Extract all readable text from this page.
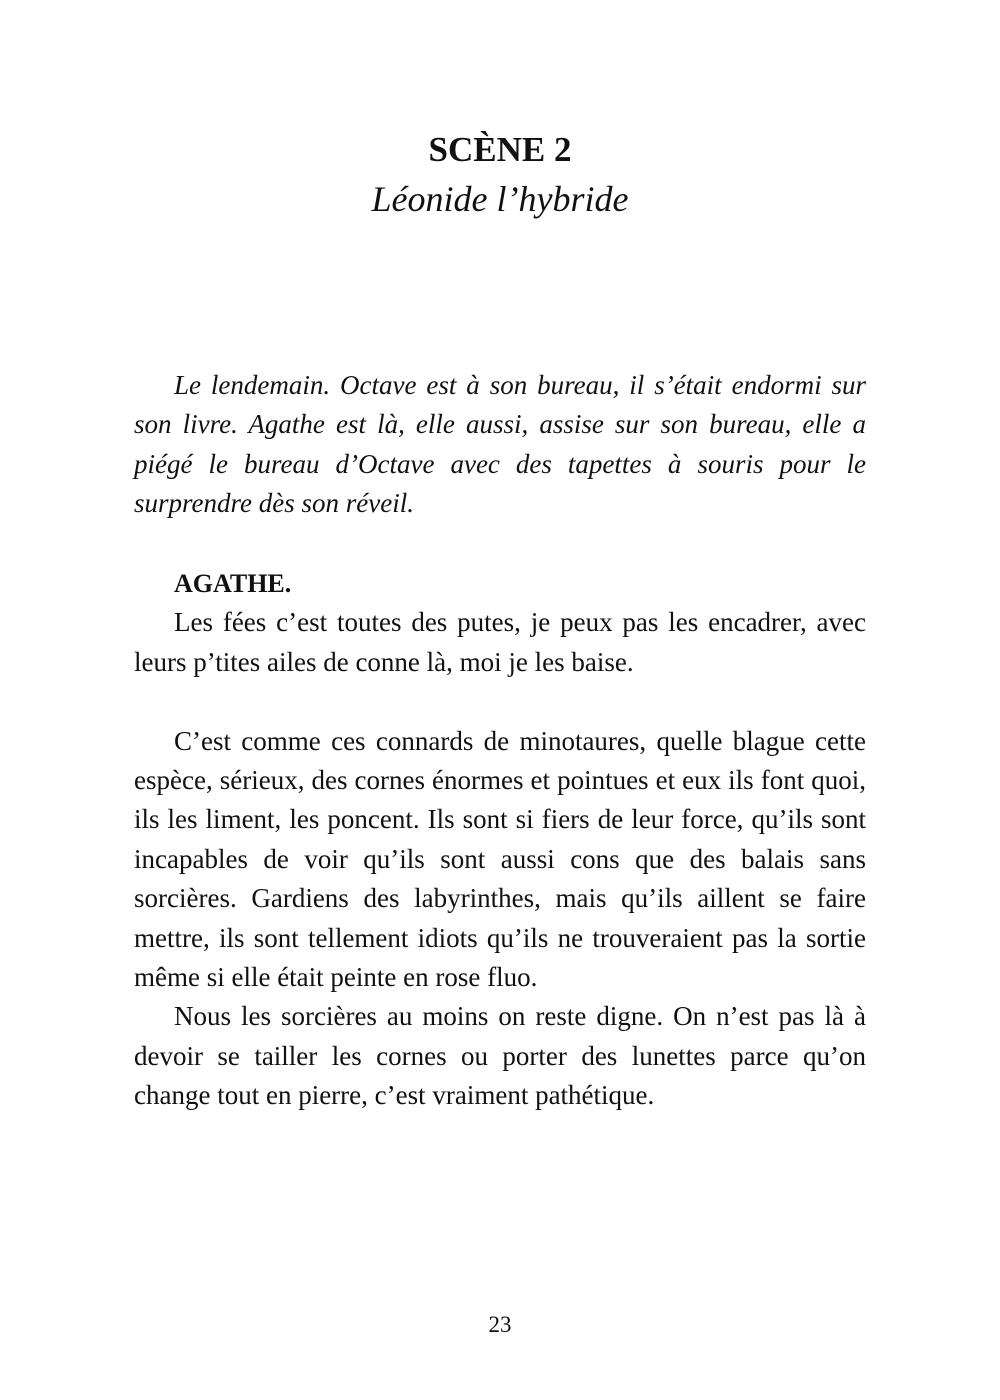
SCÈNE 2

Léonide l’hybride

Le lendemain. Octave est à son bureau, il s’était endormi sur son livre. Agathe est là, elle aussi, assise sur son bureau, elle a piégé le bureau d’Octave avec des tapettes à souris pour le surprendre dès son réveil.

AGATHE.

Les fées c’est toutes des putes, je peux pas les encadrer, avec leurs p’tites ailes de conne là, moi je les baise.

C’est comme ces connards de minotaures, quelle blague cette espèce, sérieux, des cornes énormes et pointues et eux ils font quoi, ils les liment, les poncent. Ils sont si fiers de leur force, qu’ils sont incapables de voir qu’ils sont aussi cons que des balais sans sorcières. Gardiens des labyrinthes, mais qu’ils aillent se faire mettre, ils sont tellement idiots qu’ils ne trouveraient pas la sortie même si elle était peinte en rose fluo.

Nous les sorcières au moins on reste digne. On n’est pas là à devoir se tailler les cornes ou porter des lunettes parce qu’on change tout en pierre, c’est vraiment pathétique.

23
